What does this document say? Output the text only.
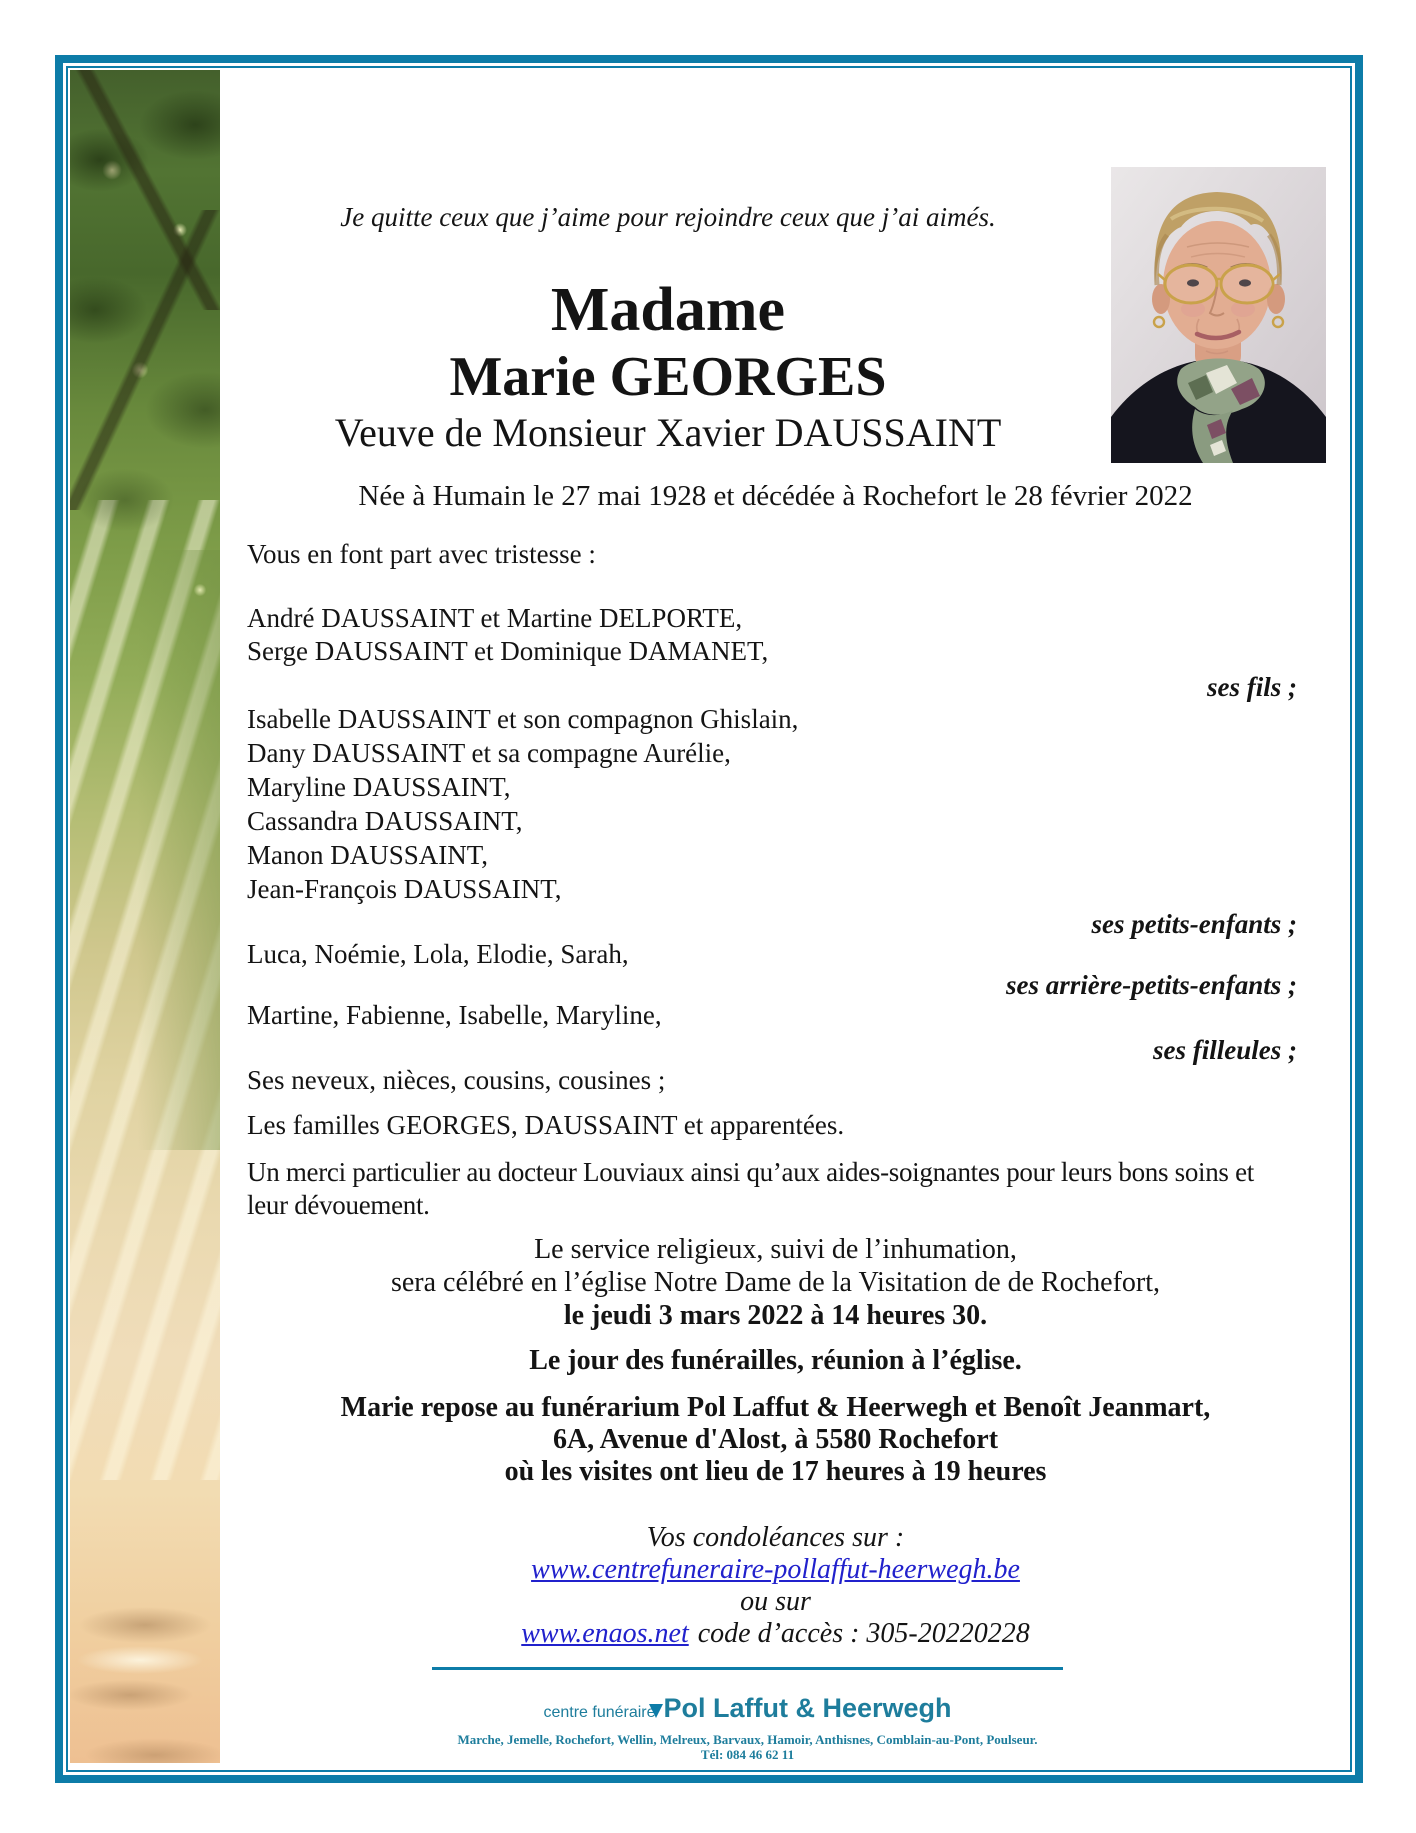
Je quitte ceux que j’aime pour rejoindre ceux que j’ai aimés.
Madame
Marie GEORGES
Veuve de Monsieur Xavier DAUSSAINT
Née à Humain le 27 mai 1928 et décédée à Rochefort le 28 février 2022
Vous en font part avec tristesse :
André DAUSSAINT et Martine DELPORTE,
Serge DAUSSAINT et Dominique DAMANET,
ses fils ;
Isabelle DAUSSAINT et son compagnon Ghislain,
Dany DAUSSAINT et sa compagne Aurélie,
Maryline DAUSSAINT,
Cassandra DAUSSAINT,
Manon DAUSSAINT,
Jean-François DAUSSAINT,
ses petits-enfants ;
Luca, Noémie, Lola, Elodie, Sarah,
ses arrière-petits-enfants ;
Martine, Fabienne, Isabelle, Maryline,
ses filleules ;
Ses neveux, nièces, cousins, cousines ;
Les familles GEORGES, DAUSSAINT et apparentées.
Un merci particulier au docteur Louviaux ainsi qu’aux aides-soignantes pour leurs bons soins et leur dévouement.
Le service religieux, suivi de l’inhumation,
sera célébré en l’église Notre Dame de la Visitation de de Rochefort,
le jeudi 3 mars 2022 à 14 heures 30.
Le jour des funérailles, réunion à l’église.
Marie repose au funérarium Pol Laffut & Heerwegh et Benoît Jeanmart,
6A, Avenue d'Alost, à 5580 Rochefort
où les visites ont lieu de 17 heures à 19 heures
Vos condoléances sur :
www.centrefuneraire-pollaffut-heerwegh.be
ou sur
www.enaos.net code d’accès : 305-20220228
centre funéraire Pol Laffut & Heerwegh
Marche, Jemelle, Rochefort, Wellin, Melreux, Barvaux, Hamoir, Anthisnes, Comblain-au-Pont, Poulseur.
Tél: 084 46 62 11
